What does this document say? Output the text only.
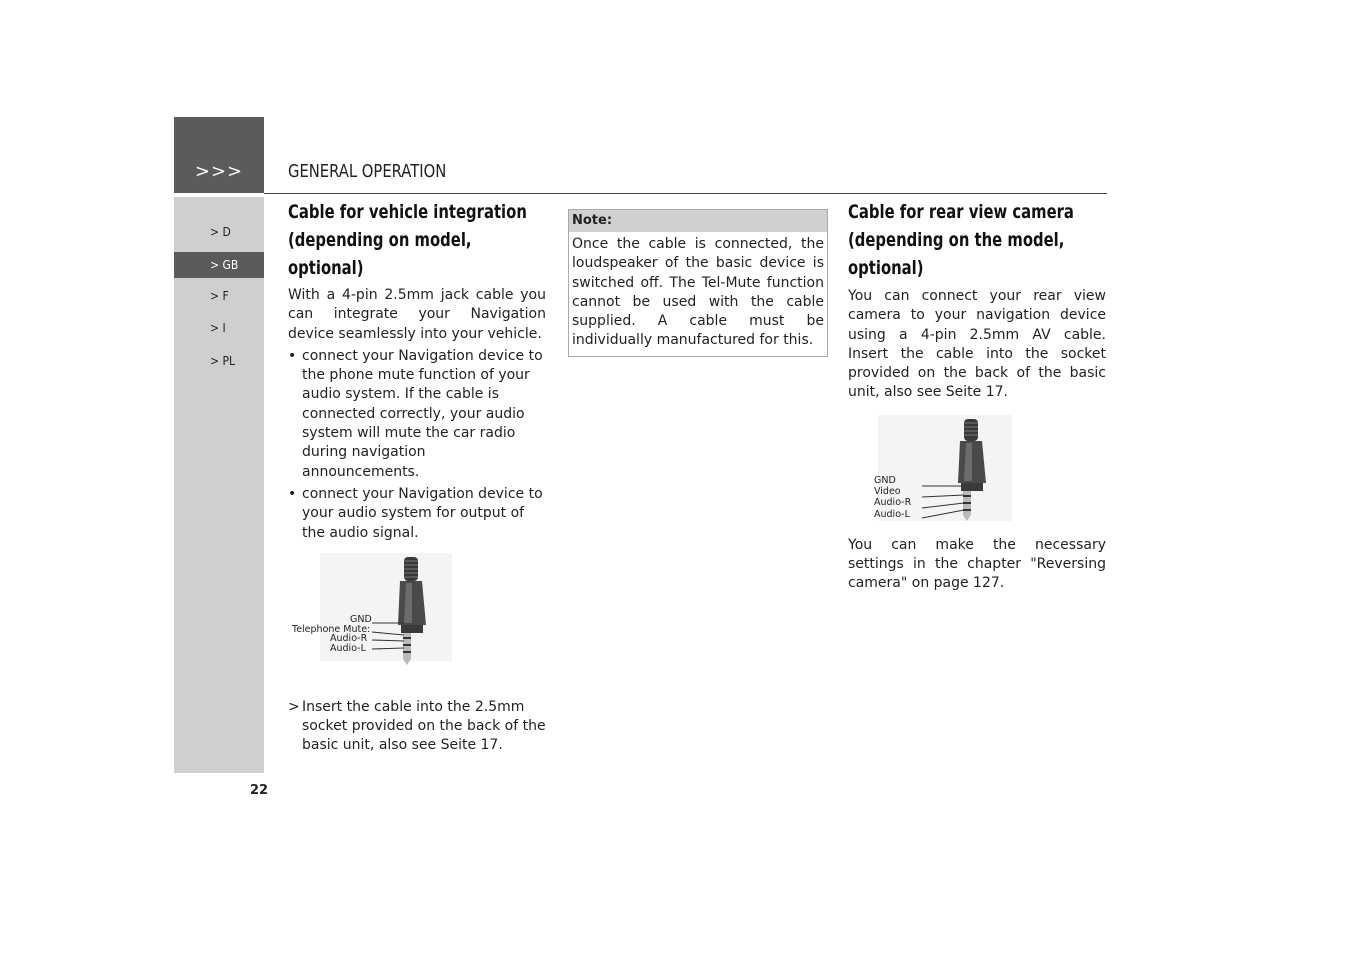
>>>
> D
> GB
> F
> I
> PL
GENERAL OPERATION
Cable for vehicle integration
(depending on model, optional)

With a 4-pin 2.5mm jack cable you can integrate your Navigation device seamlessly into your vehicle.

• connect your Navigation device to the phone mute function of your audio system. If the cable is connected correctly, your audio system will mute the car radio during navigation announcements.
• connect your Navigation device to your audio system for output of the audio signal.
GND
Telephone Mute:
Audio-R
Audio-L
> Insert the cable into the 2.5mm socket provided on the back of the basic unit, also see Seite 17.
Note:
Once the cable is connected, the loudspeaker of the basic device is switched off. The Tel-Mute function cannot be used with the cable supplied. A cable must be individually manufactured for this.
Cable for rear view camera
(depending on the model,
optional)

You can connect your rear view camera to your navigation device using a 4-pin 2.5mm AV cable. Insert the cable into the socket provided on the back of the basic unit, also see Seite 17.

GND
Video
Audio-R
Audio-L

You can make the necessary settings in the chapter "Reversing camera" on page 127.

22
